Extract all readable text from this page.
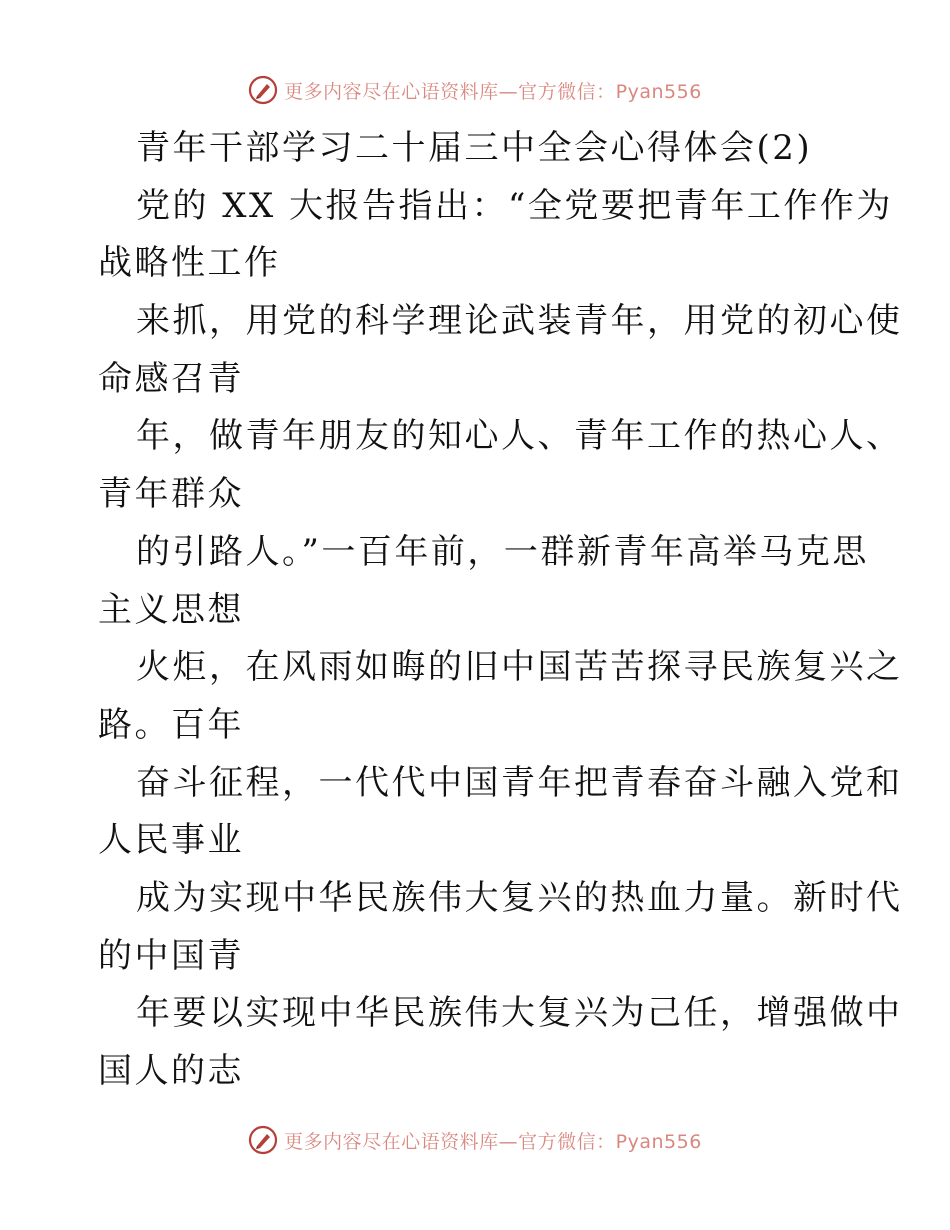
更多内容尽在心语资料库—官方微信：Pyan556
青年干部学习二十届三中全会心得体会(2)
党的 XX 大报告指出：“全党要把青年工作作为
战略性工作
来抓，用党的科学理论武装青年，用党的初心使
命感召青
年，做青年朋友的知心人、青年工作的热心人、
青年群众
的引路人。”一百年前，一群新青年高举马克思
主义思想
火炬，在风雨如晦的旧中国苦苦探寻民族复兴之
路。百年
奋斗征程，一代代中国青年把青春奋斗融入党和
人民事业
成为实现中华民族伟大复兴的热血力量。新时代
的中国青
年要以实现中华民族伟大复兴为己任，增强做中
国人的志
更多内容尽在心语资料库—官方微信：Pyan556
